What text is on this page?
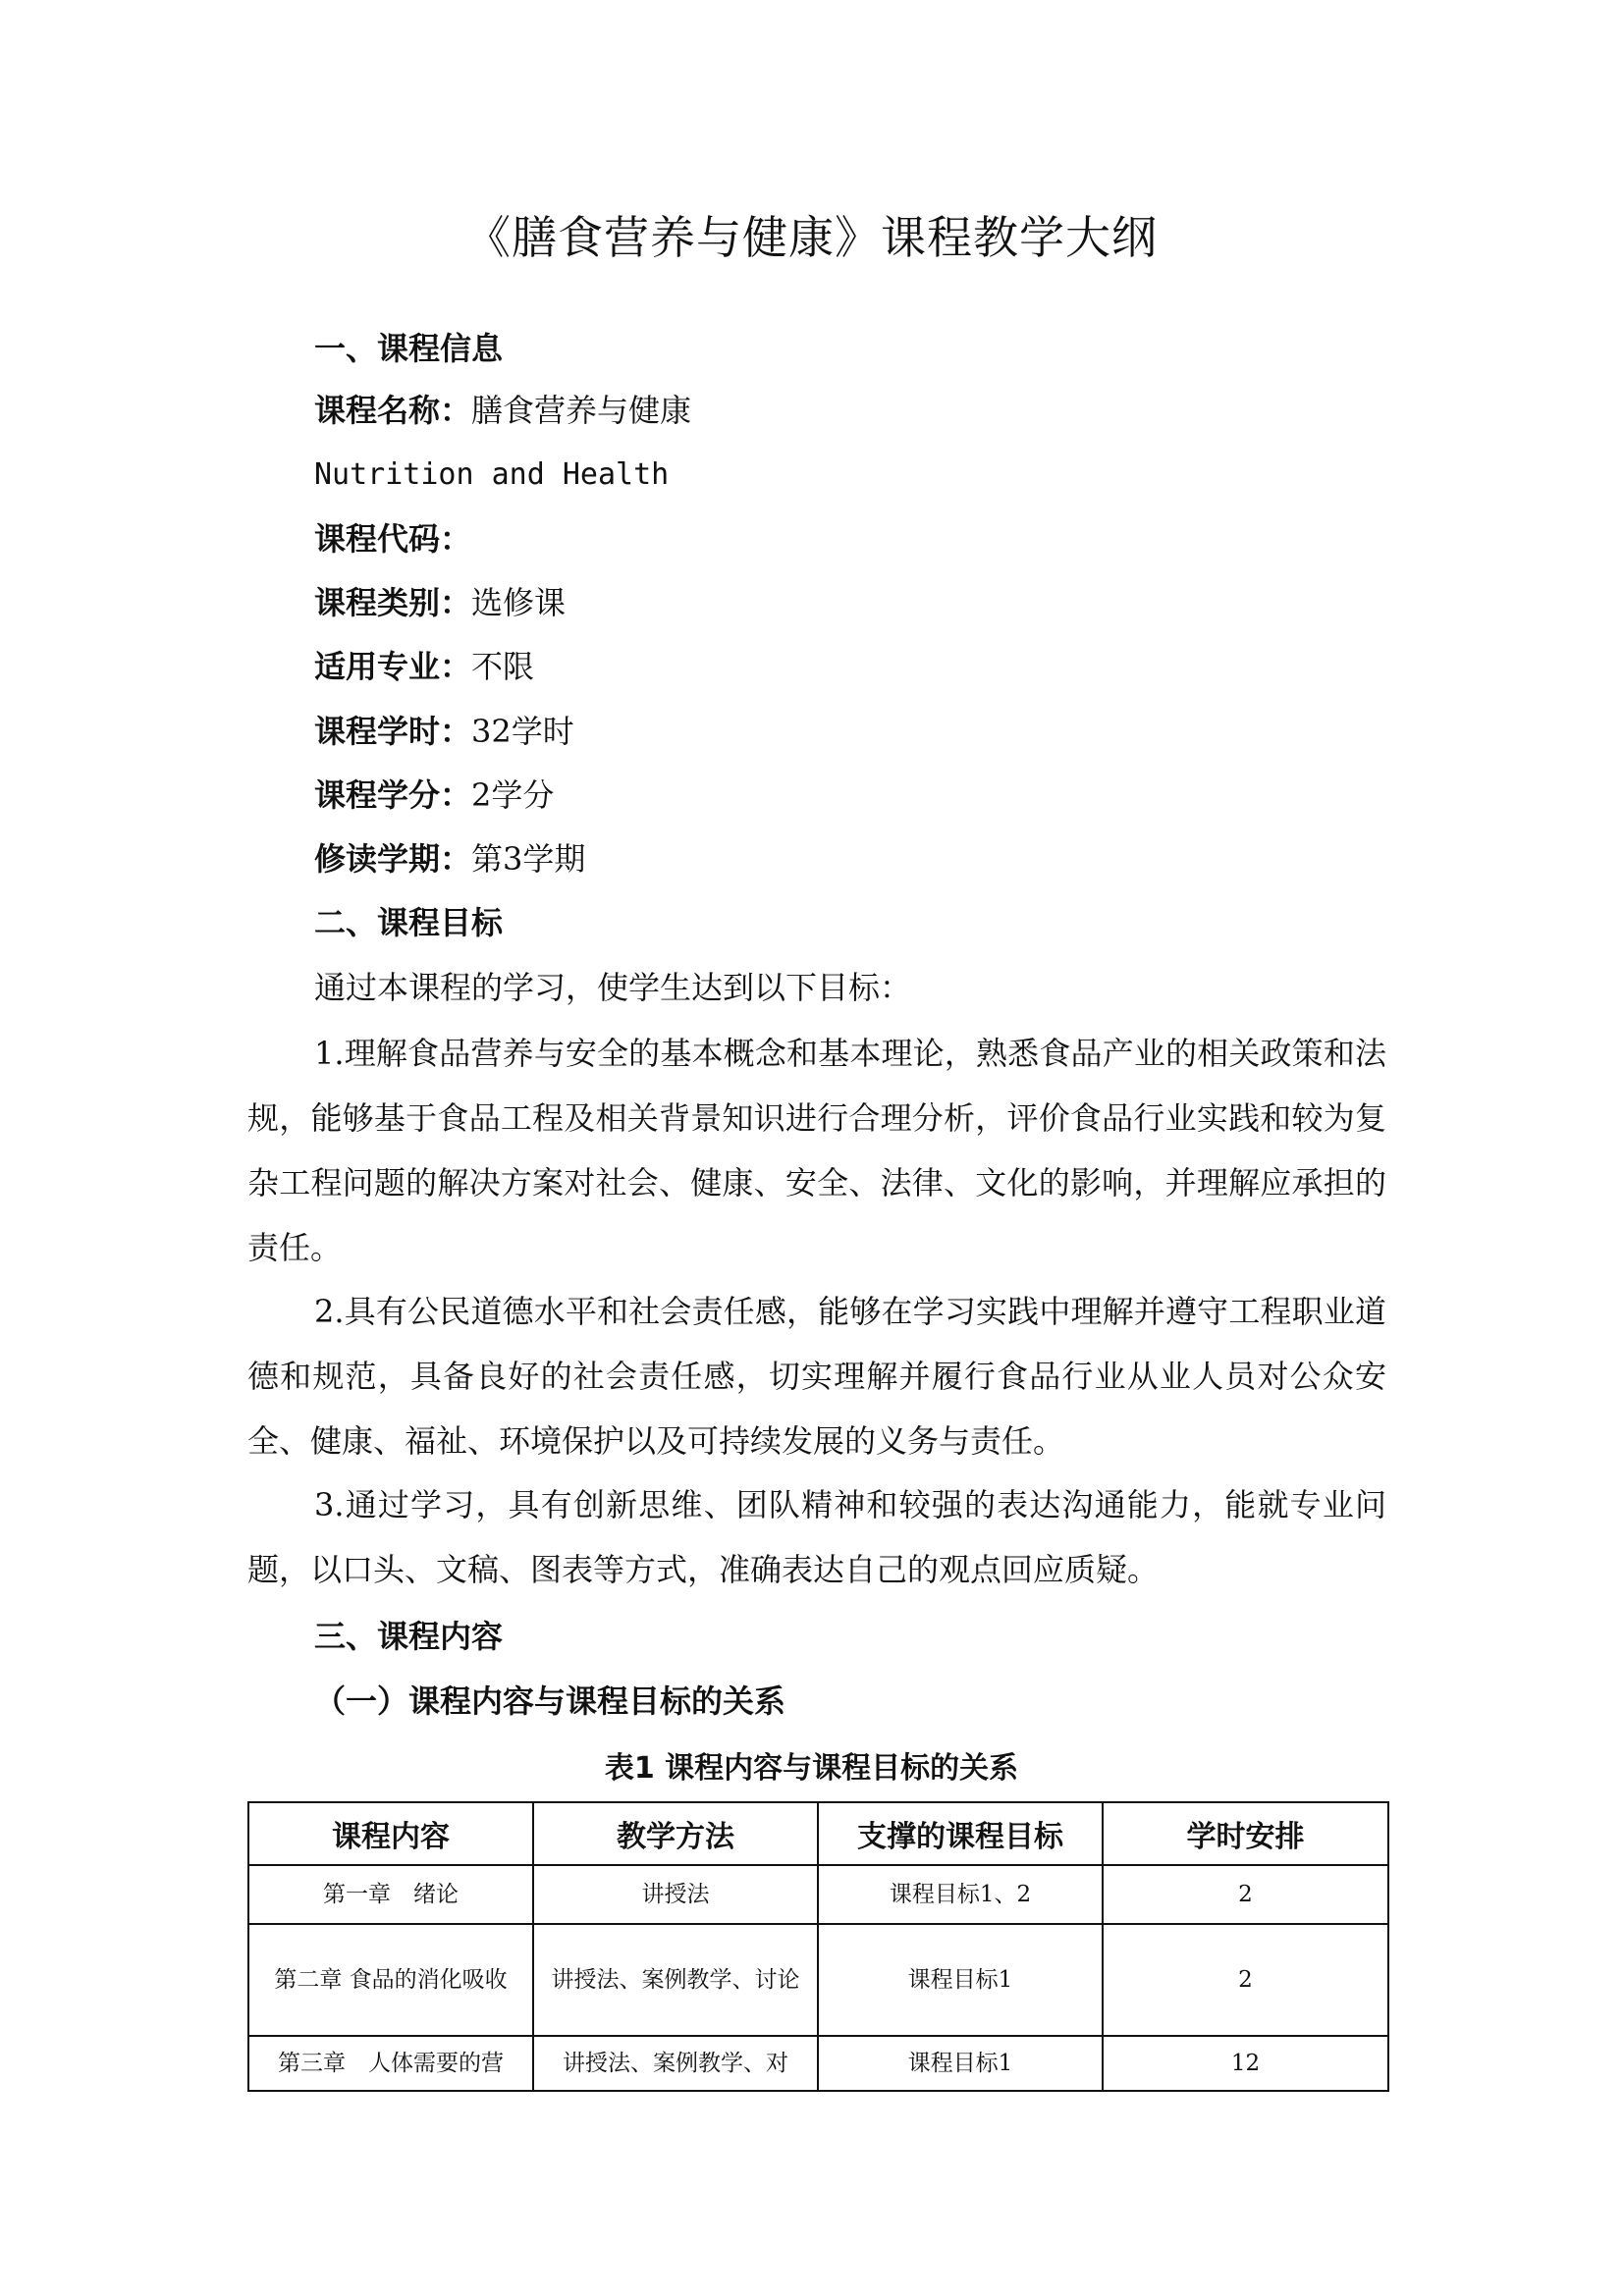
《膳食营养与健康》课程教学大纲
一、课程信息
课程名称：膳食营养与健康
Nutrition and Health
课程代码：
课程类别：选修课
适用专业：不限
课程学时：32学时
课程学分：2学分
修读学期：第3学期
二、课程目标
通过本课程的学习，使学生达到以下目标：
1.理解食品营养与安全的基本概念和基本理论，熟悉食品产业的相关政策和法规，能够基于食品工程及相关背景知识进行合理分析，评价食品行业实践和较为复杂工程问题的解决方案对社会、健康、安全、法律、文化的影响，并理解应承担的责任。
2.具有公民道德水平和社会责任感，能够在学习实践中理解并遵守工程职业道德和规范，具备良好的社会责任感，切实理解并履行食品行业从业人员对公众安全、健康、福祉、环境保护以及可持续发展的义务与责任。
3.通过学习，具有创新思维、团队精神和较强的表达沟通能力，能就专业问题，以口头、文稿、图表等方式，准确表达自己的观点回应质疑。
三、课程内容
（一）课程内容与课程目标的关系
表1 课程内容与课程目标的关系
课程内容	教学方法	支撑的课程目标	学时安排
第一章　绪论	讲授法	课程目标1、2	2
第二章 食品的消化吸收	讲授法、案例教学、讨论	课程目标1	2
第三章　人体需要的营	讲授法、案例教学、对	课程目标1	12
